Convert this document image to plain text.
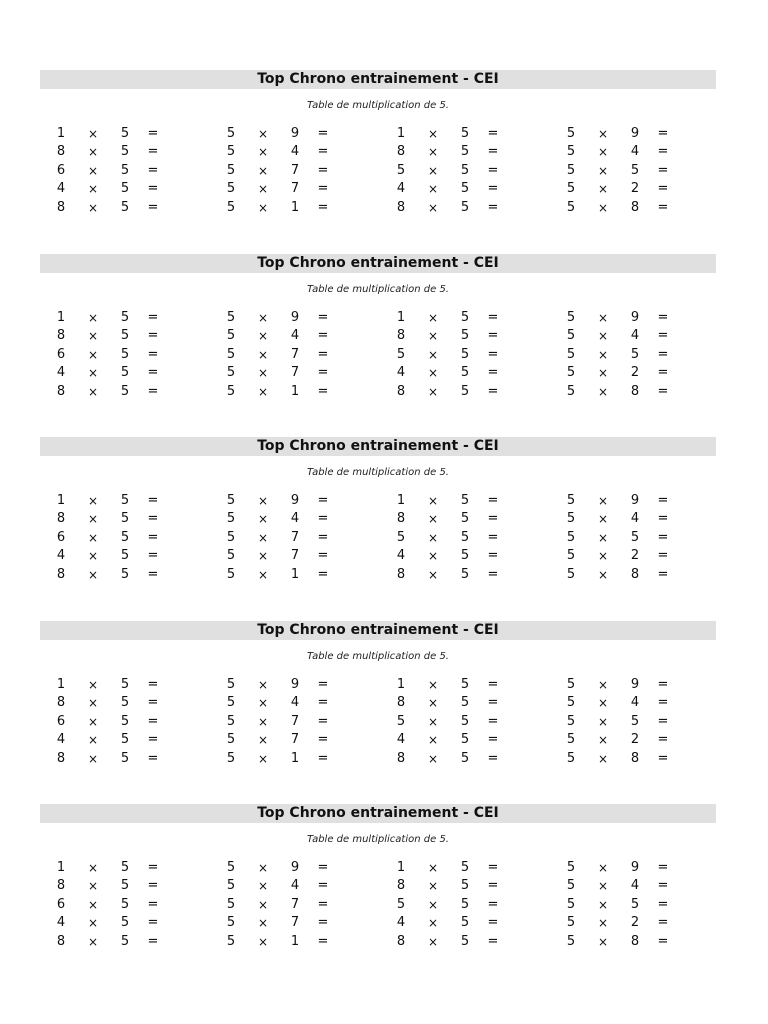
Top Chrono entrainement - CEI
Table de multiplication de 5.
1	×	5	=
8	×	5	=
6	×	5	=
4	×	5	=
8	×	5	=
5	×	9	=
5	×	4	=
5	×	7	=
5	×	7	=
5	×	1	=
1	×	5	=
8	×	5	=
5	×	5	=
4	×	5	=
8	×	5	=
5	×	9	=
5	×	4	=
5	×	5	=
5	×	2	=
5	×	8	=
Top Chrono entrainement - CEI
Table de multiplication de 5.
1	×	5	=
8	×	5	=
6	×	5	=
4	×	5	=
8	×	5	=
5	×	9	=
5	×	4	=
5	×	7	=
5	×	7	=
5	×	1	=
1	×	5	=
8	×	5	=
5	×	5	=
4	×	5	=
8	×	5	=
5	×	9	=
5	×	4	=
5	×	5	=
5	×	2	=
5	×	8	=
Top Chrono entrainement - CEI
Table de multiplication de 5.
1	×	5	=
8	×	5	=
6	×	5	=
4	×	5	=
8	×	5	=
5	×	9	=
5	×	4	=
5	×	7	=
5	×	7	=
5	×	1	=
1	×	5	=
8	×	5	=
5	×	5	=
4	×	5	=
8	×	5	=
5	×	9	=
5	×	4	=
5	×	5	=
5	×	2	=
5	×	8	=
Top Chrono entrainement - CEI
Table de multiplication de 5.
1	×	5	=
8	×	5	=
6	×	5	=
4	×	5	=
8	×	5	=
5	×	9	=
5	×	4	=
5	×	7	=
5	×	7	=
5	×	1	=
1	×	5	=
8	×	5	=
5	×	5	=
4	×	5	=
8	×	5	=
5	×	9	=
5	×	4	=
5	×	5	=
5	×	2	=
5	×	8	=
Top Chrono entrainement - CEI
Table de multiplication de 5.
1	×	5	=
8	×	5	=
6	×	5	=
4	×	5	=
8	×	5	=
5	×	9	=
5	×	4	=
5	×	7	=
5	×	7	=
5	×	1	=
1	×	5	=
8	×	5	=
5	×	5	=
4	×	5	=
8	×	5	=
5	×	9	=
5	×	4	=
5	×	5	=
5	×	2	=
5	×	8	=
